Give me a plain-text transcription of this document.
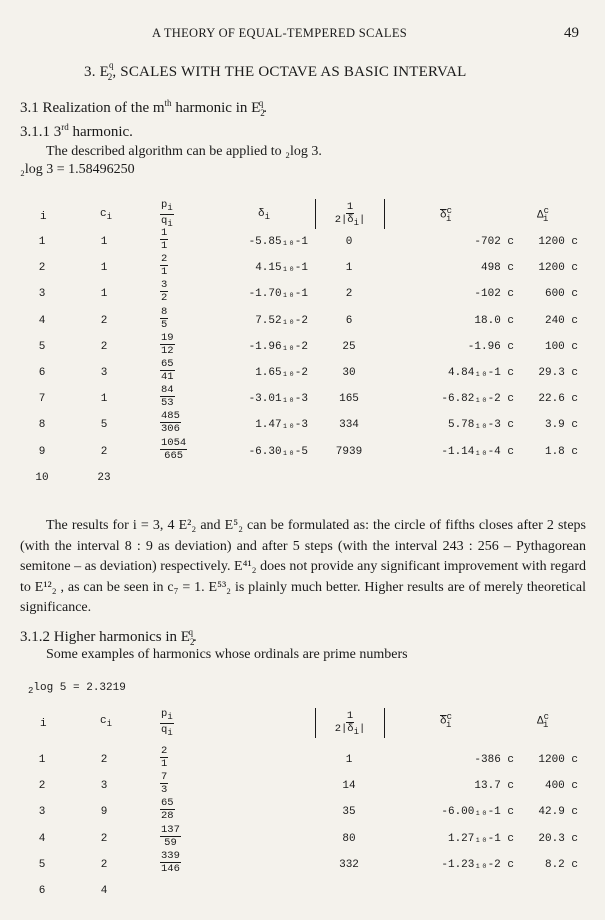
A THEORY OF EQUAL-TEMPERED SCALES	49
3. $E^q_2$, SCALES WITH THE OCTAVE AS BASIC INTERVAL
3.1 Realization of the $m^{th}$ harmonic in $E_2^q$.
3.1.1 3rd harmonic.
The described algorithm can be applied to ₂log 3.
₂log 3 = 1.58496250
i	$c_i$	$\frac{p_i}{q_i}$	$\delta_i$	$\frac{1}{2|\delta_i|}$	$\overline{\delta}^c_i$	$\Delta^c_i$
1	1	$\frac{1}{1}$	-5.85₁₀-1	0	-702 c	1200 c
2	1	$\frac{2}{1}$	4.15₁₀-1	1	498 c	1200 c
3	1	$\frac{3}{2}$	-1.70₁₀-1	2	-102 c	600 c
4	2	$\frac{8}{5}$	7.52₁₀-2	6	18.0 c	240 c
5	2	$\frac{19}{12}$	-1.96₁₀-2	25	-1.96 c	100 c
6	3	$\frac{65}{41}$	1.65₁₀-2	30	4.84₁₀-1 c	29.3 c
7	1	$\frac{84}{53}$	-3.01₁₀-3	165	-6.82₁₀-2 c	22.6 c
8	5	$\frac{485}{306}$	1.47₁₀-3	334	5.78₁₀-3 c	3.9 c
9	2	$\frac{1054}{665}$	-6.30₁₀-5	7939	-1.14₁₀-4 c	1.8 c
10	23
The results for i = 3, 4 E²₂ and E⁵₂ can be formulated as: the circle of fifths closes after 2 steps (with the interval 8 : 9 as deviation) and after 5 steps (with the interval 243 : 256 – Pythagorean semitone – as deviation) respectively. E⁴¹₂ does not provide any significant improvement with regard to E¹²₂ , as can be seen in c₇ = 1. E⁵³₂ is plainly much better. Higher results are of merely theoretical significance.
3.1.2 Higher harmonics in $E_2^q$.
Some examples of harmonics whose ordinals are prime numbers
$_2$log 5 = 2.3219
i	$c_i$	$\frac{p_i}{q_i}$	$\frac{1}{2|\delta_i|}$	$\overline{\delta}^c_i$	$\Delta^c_i$
1	2	$\frac{2}{1}$	1	-386 c	1200 c
2	3	$\frac{7}{3}$	14	13.7 c	400 c
3	9	$\frac{65}{28}$	35	-6.00₁₀-1 c	42.9 c
4	2	$\frac{137}{59}$	80	1.27₁₀-1 c	20.3 c
5	2	$\frac{339}{146}$	332	-1.23₁₀-2 c	8.2 c
6	4
